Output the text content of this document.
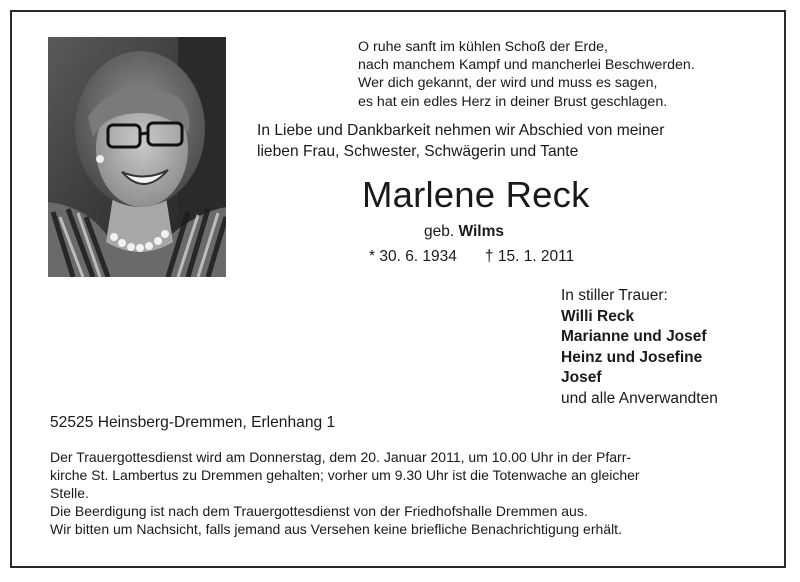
O ruhe sanft im kühlen Schoß der Erde,
nach manchem Kampf und mancherlei Beschwerden.
Wer dich gekannt, der wird und muss es sagen,
es hat ein edles Herz in deiner Brust geschlagen.
In Liebe und Dankbarkeit nehmen wir Abschied von meiner
lieben Frau, Schwester, Schwägerin und Tante
Marlene Reck
geb. Wilms
* 30. 6. 1934 † 15. 1. 2011
In stiller Trauer:
Willi Reck
Marianne und Josef
Heinz und Josefine
Josef
und alle Anverwandten
52525 Heinsberg-Dremmen, Erlenhang 1
Der Trauergottesdienst wird am Donnerstag, dem 20. Januar 2011, um 10.00 Uhr in der Pfarr-
kirche St. Lambertus zu Dremmen gehalten; vorher um 9.30 Uhr ist die Totenwache an gleicher
Stelle.
Die Beerdigung ist nach dem Trauergottesdienst von der Friedhofshalle Dremmen aus.
Wir bitten um Nachsicht, falls jemand aus Versehen keine briefliche Benachrichtigung erhält.
